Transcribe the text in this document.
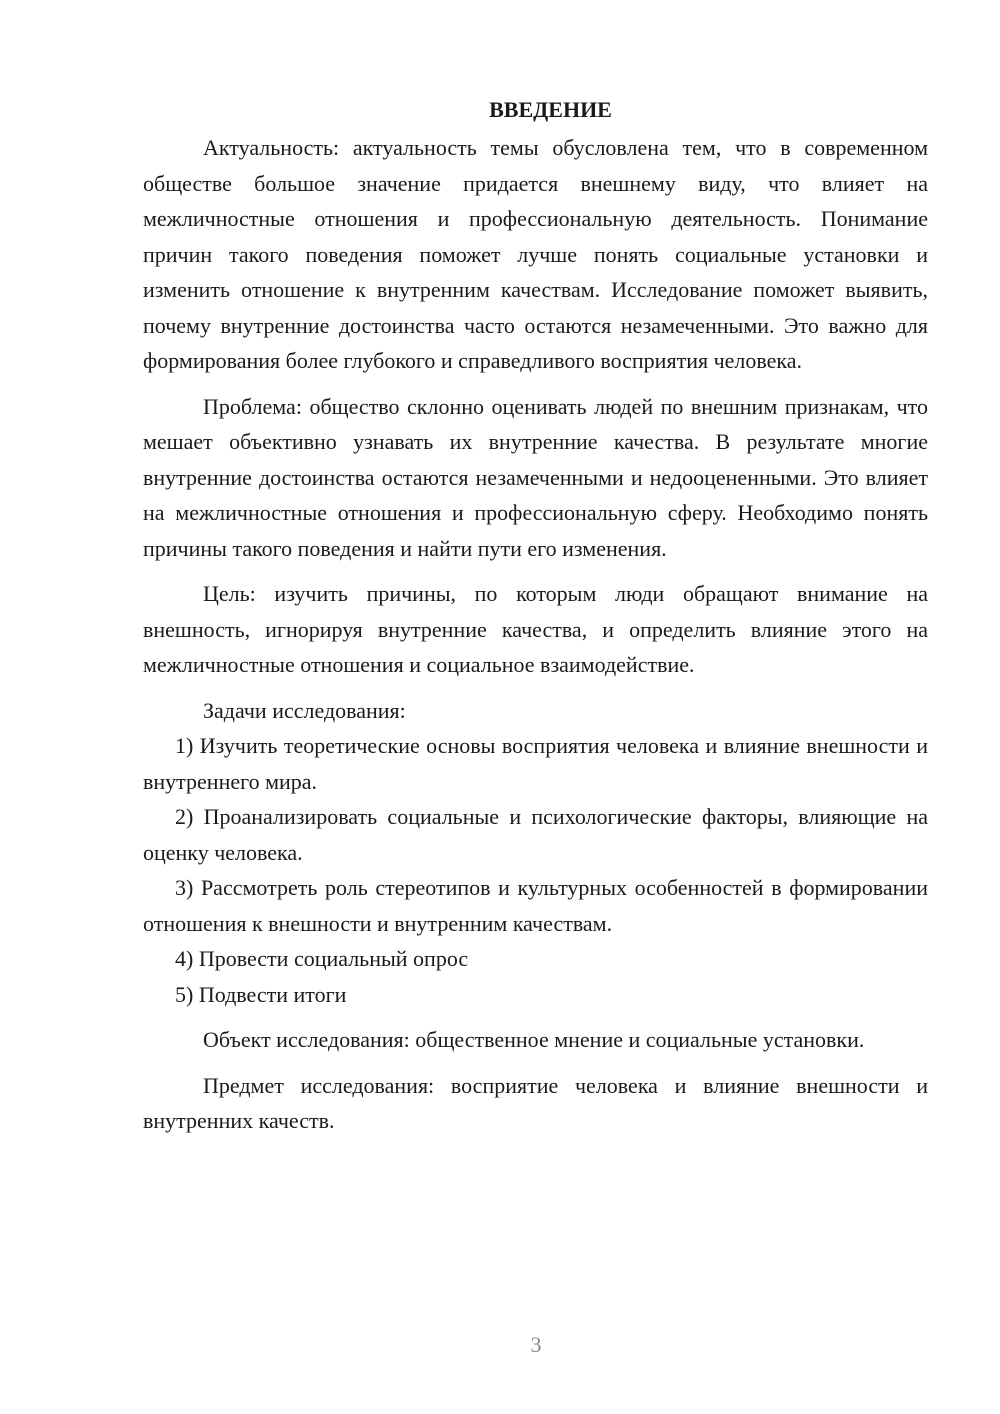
ВВЕДЕНИЕ

Актуальность: актуальность темы обусловлена тем, что в современном обществе большое значение придается внешнему виду, что влияет на межличностные отношения и профессиональную деятельность. Понимание причин такого поведения поможет лучше понять социальные установки и изменить отношение к внутренним качествам. Исследование поможет выявить, почему внутренние достоинства часто остаются незамеченными. Это важно для формирования более глубокого и справедливого восприятия человека.

Проблема: общество склонно оценивать людей по внешним признакам, что мешает объективно узнавать их внутренние качества. В результате многие внутренние достоинства остаются незамеченными и недооцененными. Это влияет на межличностные отношения и профессиональную сферу. Необходимо понять причины такого поведения и найти пути его изменения.

Цель: изучить причины, по которым люди обращают внимание на внешность, игнорируя внутренние качества, и определить влияние этого на межличностные отношения и социальное взаимодействие.

Задачи исследования:

1) Изучить теоретические основы восприятия человека и влияние внешности и внутреннего мира.

2) Проанализировать социальные и психологические факторы, влияющие на оценку человека.

3) Рассмотреть роль стереотипов и культурных особенностей в формировании отношения к внешности и внутренним качествам.

4) Провести социальный опрос

5) Подвести итоги

Объект исследования: общественное мнение и социальные установки.

Предмет исследования: восприятие человека и влияние внешности и внутренних качеств.

3
